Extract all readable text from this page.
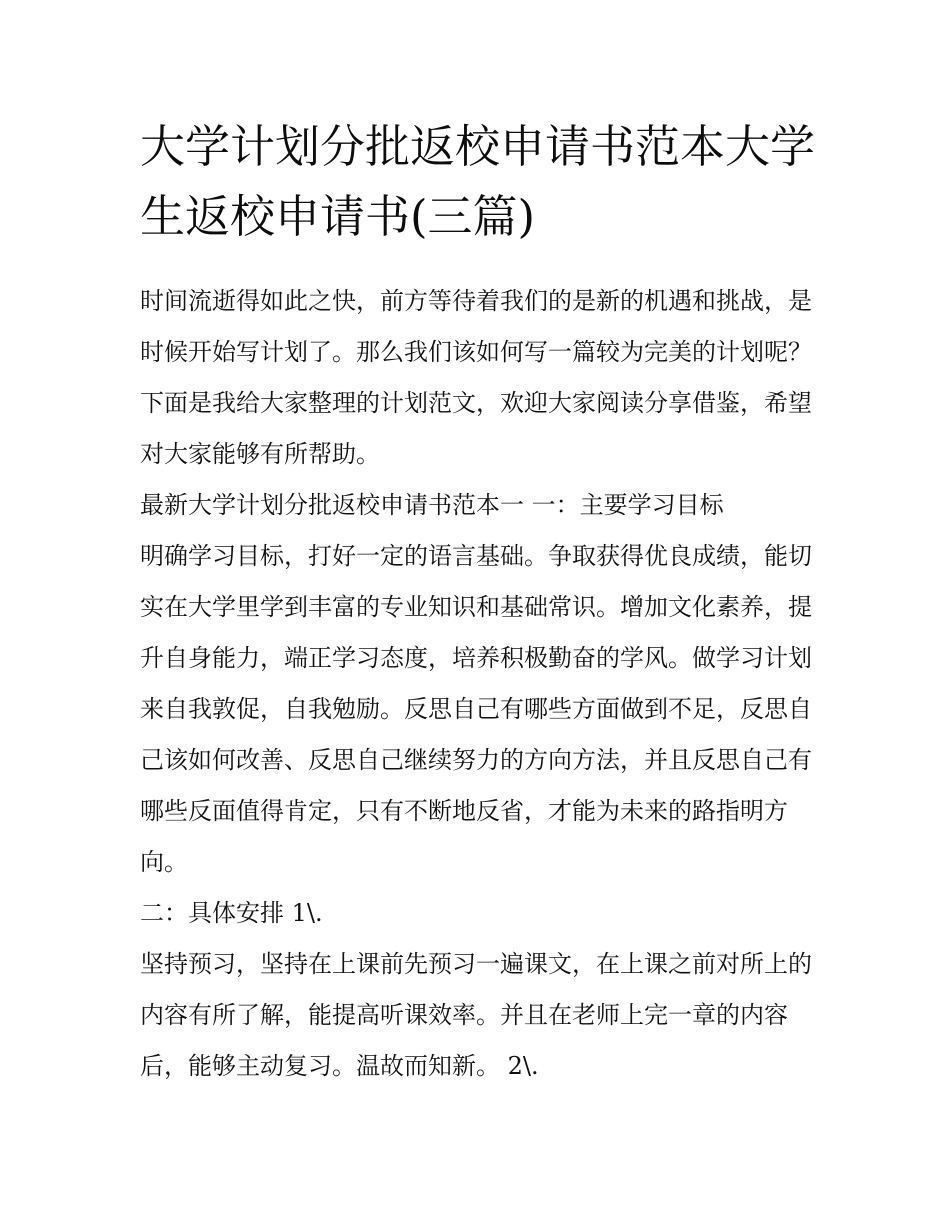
大学计划分批返校申请书范本大学生返校申请书(三篇)

时间流逝得如此之快，前方等待着我们的是新的机遇和挑战，是时候开始写计划了。那么我们该如何写一篇较为完美的计划呢？下面是我给大家整理的计划范文，欢迎大家阅读分享借鉴，希望对大家能够有所帮助。

最新大学计划分批返校申请书范本一 一：主要学习目标

明确学习目标，打好一定的语言基础。争取获得优良成绩，能切实在大学里学到丰富的专业知识和基础常识。增加文化素养，提升自身能力，端正学习态度，培养积极勤奋的学风。做学习计划来自我敦促，自我勉励。反思自己有哪些方面做到不足，反思自己该如何改善、反思自己继续努力的方向方法，并且反思自己有哪些反面值得肯定，只有不断地反省，才能为未来的路指明方向。

二：具体安排 1\.

坚持预习，坚持在上课前先预习一遍课文，在上课之前对所上的内容有所了解，能提高听课效率。并且在老师上完一章的内容后，能够主动复习。温故而知新。 2\.
